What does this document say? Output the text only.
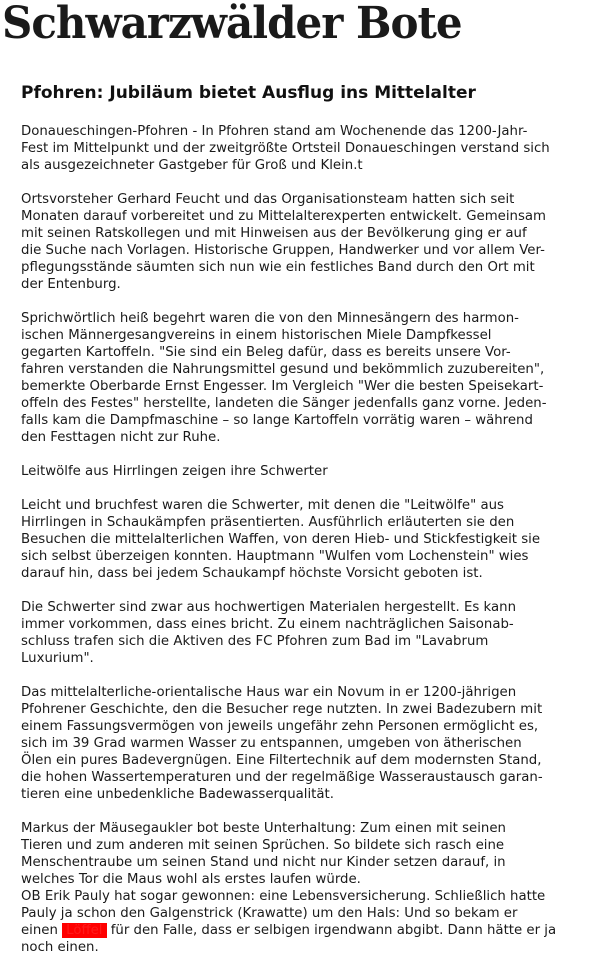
Schwarzwälder Bote
Pfohren: Jubiläum bietet Ausflug ins Mittelalter

Donaueschingen-Pfohren - In Pfohren stand am Wochenende das 1200-Jahr-
Fest im Mittelpunkt und der zweitgrößte Ortsteil Donaueschingen verstand sich
als ausgezeichneter Gastgeber für Groß und Klein.t

Ortsvorsteher Gerhard Feucht und das Organisationsteam hatten sich seit
Monaten darauf vorbereitet und zu Mittelalterexperten entwickelt. Gemeinsam
mit seinen Ratskollegen und mit Hinweisen aus der Bevölkerung ging er auf
die Suche nach Vorlagen. Historische Gruppen, Handwerker und vor allem Ver-
pflegungsstände säumten sich nun wie ein festliches Band durch den Ort mit
der Entenburg.

Sprichwörtlich heiß begehrt waren die von den Minnesängern des harmon-
ischen Männergesangvereins in einem historischen Miele Dampfkessel
gegarten Kartoffeln. "Sie sind ein Beleg dafür, dass es bereits unsere Vor-
fahren verstanden die Nahrungsmittel gesund und bekömmlich zuzubereiten",
bemerkte Oberbarde Ernst Engesser. Im Vergleich "Wer die besten Speisekart-
offeln des Festes" herstellte, landeten die Sänger jedenfalls ganz vorne. Jeden-
falls kam die Dampfmaschine – so lange Kartoffeln vorrätig waren – während
den Festtagen nicht zur Ruhe.

Leitwölfe aus Hirrlingen zeigen ihre Schwerter

Leicht und bruchfest waren die Schwerter, mit denen die "Leitwölfe" aus
Hirrlingen in Schaukämpfen präsentierten. Ausführlich erläuterten sie den
Besuchen die mittelalterlichen Waffen, von deren Hieb- und Stickfestigkeit sie
sich selbst überzeigen konnten. Hauptmann "Wulfen vom Lochenstein" wies
darauf hin, dass bei jedem Schaukampf höchste Vorsicht geboten ist.

Die Schwerter sind zwar aus hochwertigen Materialen hergestellt. Es kann
immer vorkommen, dass eines bricht. Zu einem nachträglichen Saisonab-
schluss trafen sich die Aktiven des FC Pfohren zum Bad im "Lavabrum
Luxurium".

Das mittelalterliche-orientalische Haus war ein Novum in er 1200-jährigen
Pfohrener Geschichte, den die Besucher rege nutzten. In zwei Badezubern mit
einem Fassungsvermögen von jeweils ungefähr zehn Personen ermöglicht es,
sich im 39 Grad warmen Wasser zu entspannen, umgeben von ätherischen
Ölen ein pures Badevergnügen. Eine Filtertechnik auf dem modernsten Stand,
die hohen Wassertemperaturen und der regelmäßige Wasseraustausch garan-
tieren eine unbedenkliche Badewasserqualität.

Markus der Mäusegaukler bot beste Unterhaltung: Zum einen mit seinen
Tieren und zum anderen mit seinen Sprüchen. So bildete sich rasch eine
Menschentraube um seinen Stand und nicht nur Kinder setzen darauf, in
welches Tor die Maus wohl als erstes laufen würde.

OB Erik Pauly hat sogar gewonnen: eine Lebensversicherung. Schließlich hatte
Pauly ja schon den Galgenstrick (Krawatte) um den Hals: Und so bekam er
einen Löffel für den Falle, dass er selbigen irgendwann abgibt. Dann hätte er ja
noch einen.
